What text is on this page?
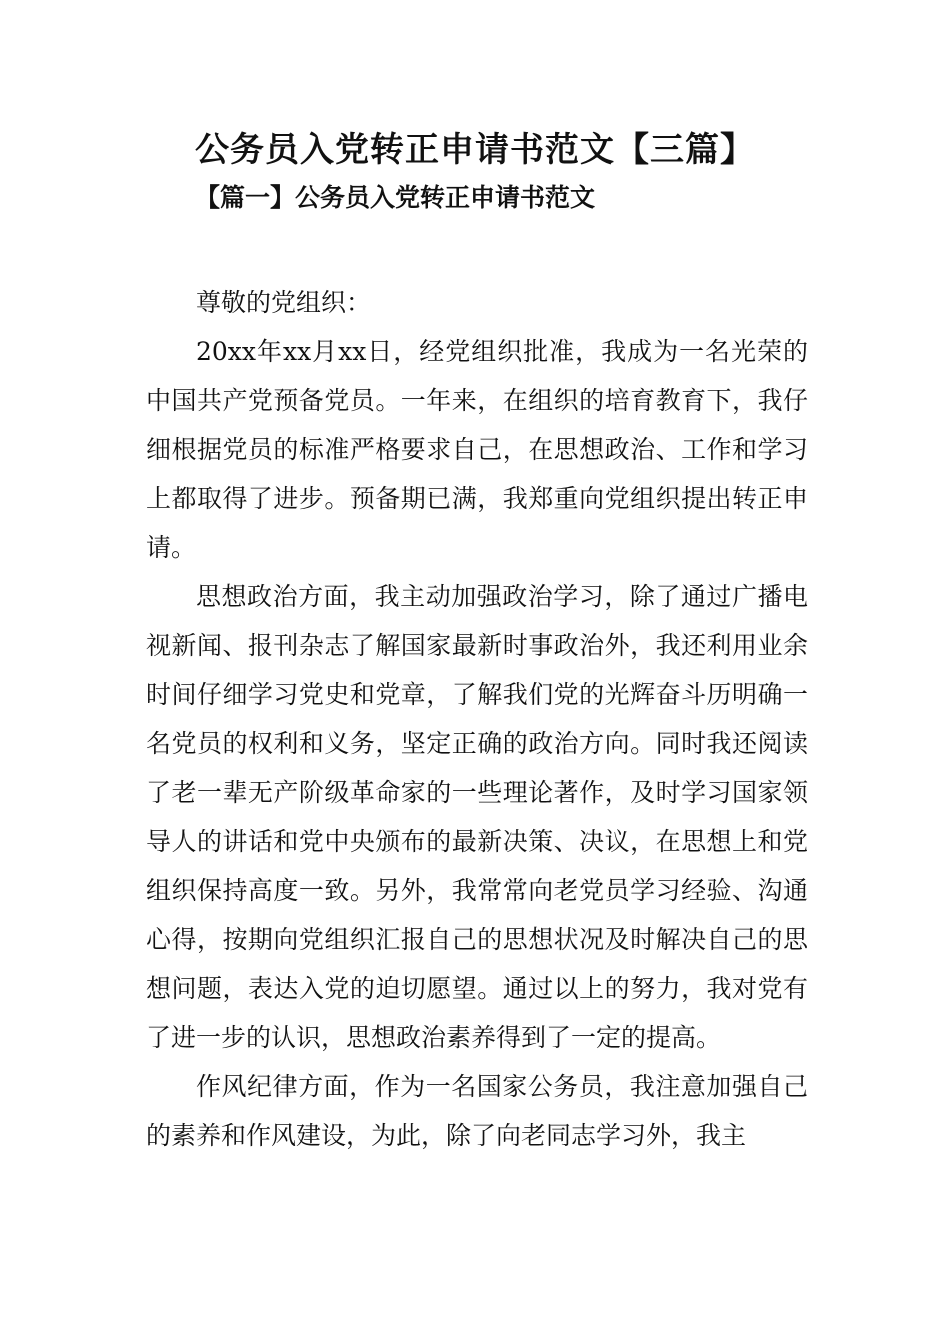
公务员入党转正申请书范文【三篇】
【篇一】公务员入党转正申请书范文

尊敬的党组织：

20xx年xx月xx日，经党组织批准，我成为一名光荣的中国共产党预备党员。一年来，在组织的培育教育下，我仔细根据党员的标准严格要求自己，在思想政治、工作和学习上都取得了进步。预备期已满，我郑重向党组织提出转正申请。

思想政治方面，我主动加强政治学习，除了通过广播电视新闻、报刊杂志了解国家最新时事政治外，我还利用业余时间仔细学习党史和党章，了解我们党的光辉奋斗历明确一名党员的权利和义务，坚定正确的政治方向。同时我还阅读了老一辈无产阶级革命家的一些理论著作，及时学习国家领导人的讲话和党中央颁布的最新决策、决议，在思想上和党组织保持高度一致。另外，我常常向老党员学习经验、沟通心得，按期向党组织汇报自己的思想状况及时解决自己的思想问题，表达入党的迫切愿望。通过以上的努力，我对党有了进一步的认识，思想政治素养得到了一定的提高。

作风纪律方面，作为一名国家公务员，我注意加强自己的素养和作风建设，为此，除了向老同志学习外，我主
